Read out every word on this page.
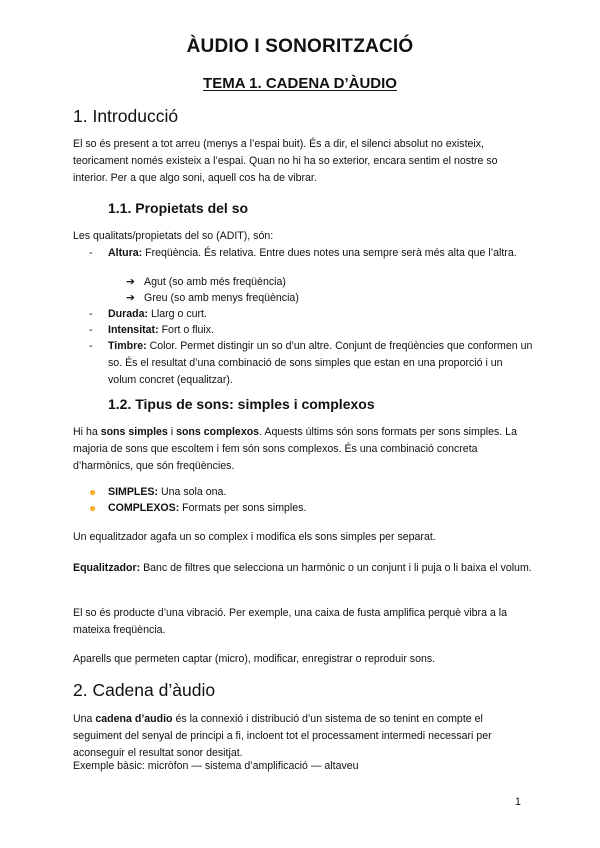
ÀUDIO I SONORITZACIÓ
TEMA 1. CADENA D’ÀUDIO
1. Introducció

El so és present a tot arreu (menys a l’espai buit). És a dir, el silenci absolut no existeix, teoricament només existeix a l’espai. Quan no hi ha so exterior, encara sentim el nostre so interior. Per a que algo soni, aquell cos ha de vibrar.

1.1. Propietats del so

Les qualitats/propietats del so (ADIT), són:

- Altura: Freqüència. És relativa. Entre dues notes una sempre serà més alta que l’altra.
➔ Agut (so amb més freqüència)
➔ Greu (so amb menys freqüència)
- Durada: Llarg o curt.
- Intensitat: Fort o fluix.
- Timbre: Color. Permet distingir un so d’un altre. Conjunt de freqüències que conformen un so. És el resultat d’una combinació de sons simples que estan en una proporció i un volum concret (equalitzar).
1.2. Tipus de sons: simples i complexos

Hi ha sons simples i sons complexos. Aquests últims són sons formats per sons simples. La majoria de sons que escoltem i fem són sons complexos. És una combinació concreta d’harmònics, que són freqüències.

● SIMPLES: Una sola ona.
● COMPLEXOS: Formats per sons simples.

Un equalitzador agafa un so complex i modifica els sons simples per separat.

Equalitzador: Banc de filtres que selecciona un harmònic o un conjunt i li puja o li baixa el volum.

El so és producte d’una vibració. Per exemple, una caixa de fusta amplifica perquè vibra a la mateixa freqüència.

Aparells que permeten captar (micro), modificar, enregistrar o reproduir sons.

2. Cadena d’àudio

Una cadena d’audio és la connexió i distribució d’un sistema de so tenint en compte el seguiment del senyal de principi a fi, incloent tot el processament intermedi necessari per aconseguir el resultat sonor desitjat.

Exemple bàsic: micròfon — sistema d’amplificació — altaveu

1
